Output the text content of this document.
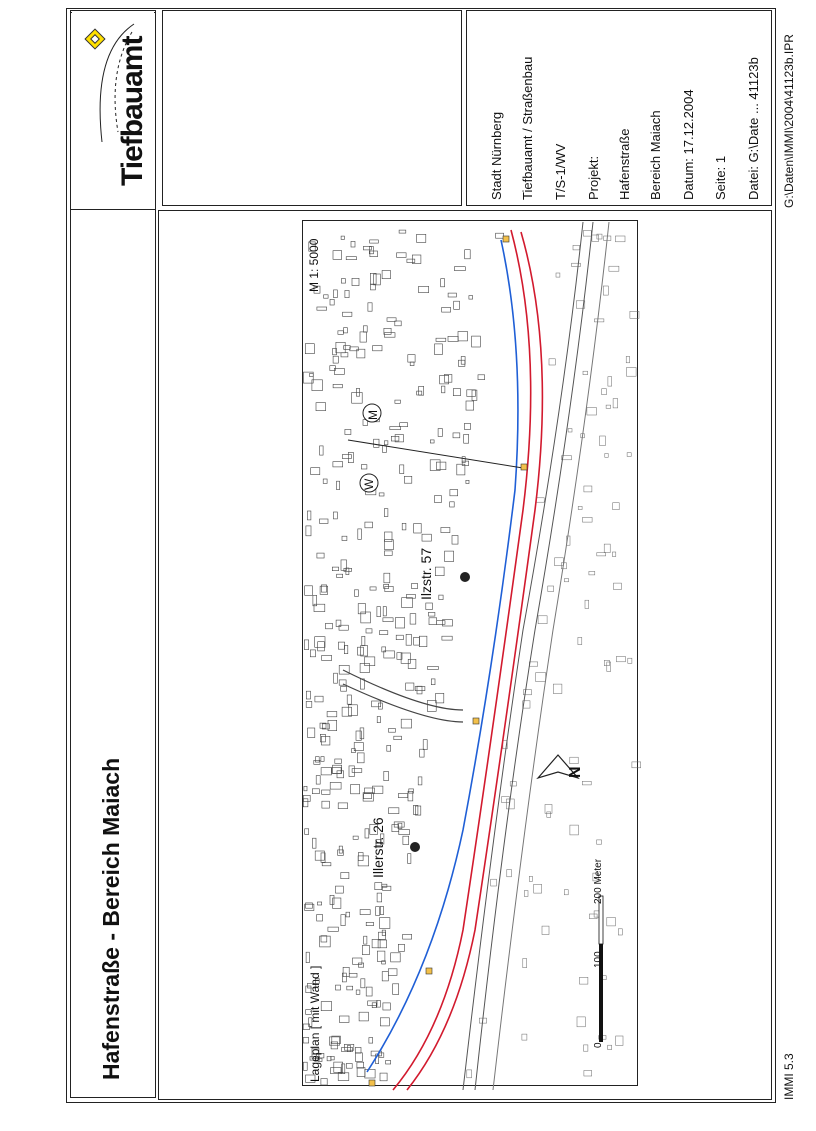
Hafenstraße - Bereich Maiach
Tiefbauamt	Stadt Nürnberg Tiefbauamt / Straßenbau T/S-1/WV Projekt: Hafenstraße Bereich Maiach Datum: 17.12.2004 Seite: 1 Datei: G:\Date ... 41123b G:\Daten\IMMI\2004\41123b.IPR
IMMI 5.3
Lageplan [ mit Wand ]
M 1: 5000
Illerstr. 26
Ilzstr. 57
W
M
N
0
100
200 Meter
